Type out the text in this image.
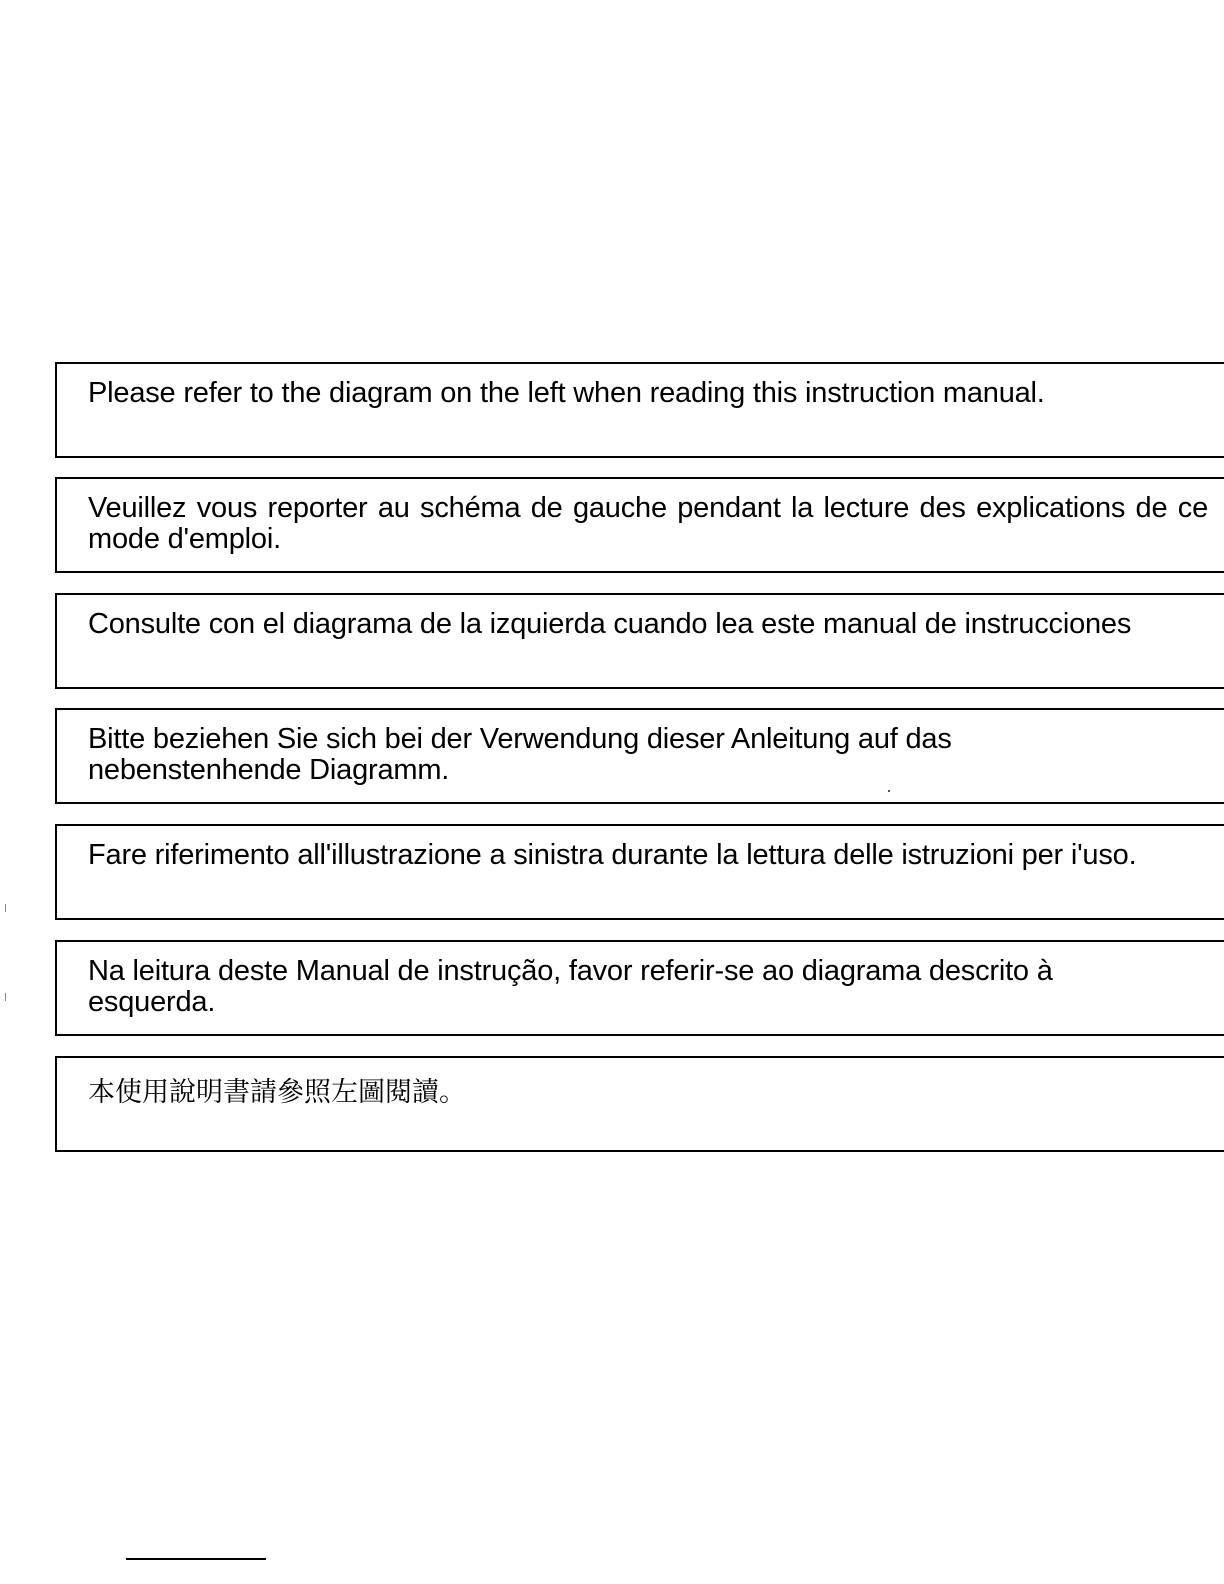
Please refer to the diagram on the left when reading this instruction manual.

Veuillez vous reporter au schéma de gauche pendant la lecture des explications de ce mode d'emploi.

Consulte con el diagrama de la izquierda cuando lea este manual de instrucciones

Bitte beziehen Sie sich bei der Verwendung dieser Anleitung auf das nebenstenhende Diagramm.

Fare riferimento all'illustrazione a sinistra durante la lettura delle istruzioni per i'uso.

Na leitura deste Manual de instrução, favor referir-se ao diagrama descrito à esquerda.

本使用說明書請參照左圖閱讀。
